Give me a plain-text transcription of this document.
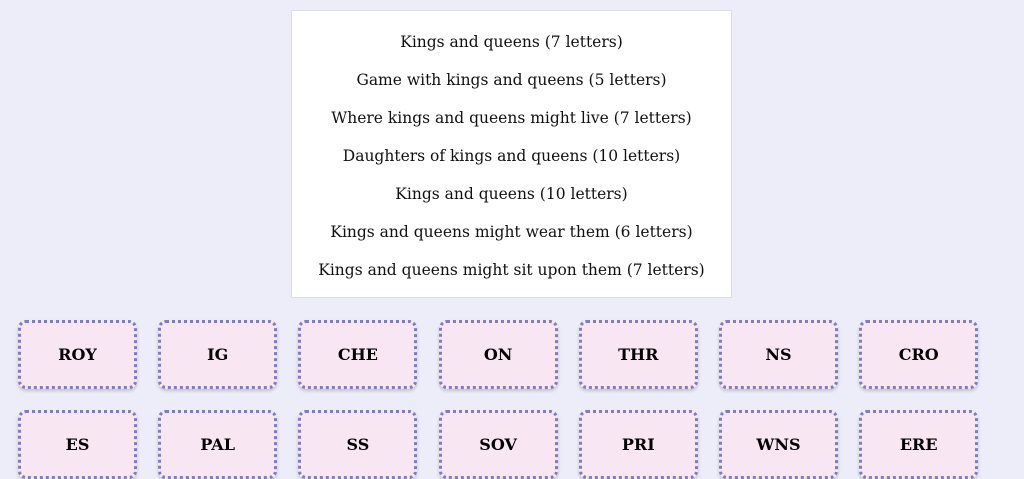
Kings and queens (7 letters)
Game with kings and queens (5 letters)
Where kings and queens might live (7 letters)
Daughters of kings and queens (10 letters)
Kings and queens (10 letters)
Kings and queens might wear them (6 letters)
Kings and queens might sit upon them (7 letters)
ROY	IG	CHE	ON	THR	NS	CRO
ES	PAL	SS	SOV	PRI	WNS	ERE
